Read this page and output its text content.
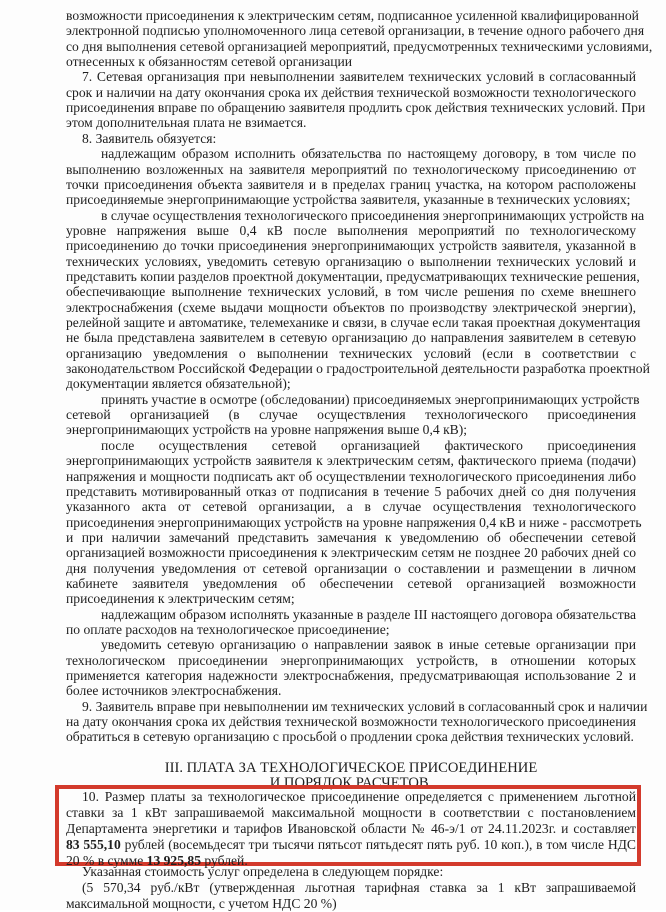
возможности присоединения к электрическим сетям, подписанное усиленной квалифицированной
электронной подписью уполномоченного лица сетевой организации, в течение одного рабочего дня
со дня выполнения сетевой организацией мероприятий, предусмотренных техническими условиями,
отнесенных к обязанностям сетевой организации
7. Сетевая организация при невыполнении заявителем технических условий в согласованный
срок и наличии на дату окончания срока их действия технической возможности технологического
присоединения вправе по обращению заявителя продлить срок действия технических условий. При
этом дополнительная плата не взимается.
8. Заявитель обязуется:
надлежащим образом исполнить обязательства по настоящему договору, в том числе по
выполнению возложенных на заявителя мероприятий по технологическому присоединению от
точки присоединения объекта заявителя и в пределах границ участка, на котором расположены
присоединяемые энергопринимающие устройства заявителя, указанные в технических условиях;
в случае осуществления технологического присоединения энергопринимающих устройств на
уровне напряжения выше 0,4 кВ после выполнения мероприятий по технологическому
присоединению до точки присоединения энергопринимающих устройств заявителя, указанной в
технических условиях, уведомить сетевую организацию о выполнении технических условий и
представить копии разделов проектной документации, предусматривающих технические решения,
обеспечивающие выполнение технических условий, в том числе решения по схеме внешнего
электроснабжения (схеме выдачи мощности объектов по производству электрической энергии),
релейной защите и автоматике, телемеханике и связи, в случае если такая проектная документация
не была представлена заявителем в сетевую организацию до направления заявителем в сетевую
организацию уведомления о выполнении технических условий (если в соответствии с
законодательством Российской Федерации о градостроительной деятельности разработка проектной
документации является обязательной);
принять участие в осмотре (обследовании) присоединяемых энергопринимающих устройств
сетевой организацией (в случае осуществления технологического присоединения
энергопринимающих устройств на уровне напряжения выше 0,4 кВ);
после осуществления сетевой организацией фактического присоединения
энергопринимающих устройств заявителя к электрическим сетям, фактического приема (подачи)
напряжения и мощности подписать акт об осуществлении технологического присоединения либо
представить мотивированный отказ от подписания в течение 5 рабочих дней со дня получения
указанного акта от сетевой организации, а в случае осуществления технологического
присоединения энергопринимающих устройств на уровне напряжения 0,4 кВ и ниже - рассмотреть
и при наличии замечаний представить замечания к уведомлению об обеспечении сетевой
организацией возможности присоединения к электрическим сетям не позднее 20 рабочих дней со
дня получения уведомления от сетевой организации о составлении и размещении в личном
кабинете заявителя уведомления об обеспечении сетевой организацией возможности
присоединения к электрическим сетям;
надлежащим образом исполнять указанные в разделе III настоящего договора обязательства
по оплате расходов на технологическое присоединение;
уведомить сетевую организацию о направлении заявок в иные сетевые организации при
технологическом присоединении энергопринимающих устройств, в отношении которых
применяется категория надежности электроснабжения, предусматривающая использование 2 и
более источников электроснабжения.
9. Заявитель вправе при невыполнении им технических условий в согласованный срок и наличии
на дату окончания срока их действия технической возможности технологического присоединения
обратиться в сетевую организацию с просьбой о продлении срока действия технических условий.
III. ПЛАТА ЗА ТЕХНОЛОГИЧЕСКОЕ ПРИСОЕДИНЕНИЕ
И ПОРЯДОК РАСЧЕТОВ.
10. Размер платы за технологическое присоединение определяется с применением льготной
ставки за 1 кВт запрашиваемой максимальной мощности в соответствии с постановлением
Департамента энергетики и тарифов Ивановской области № 46-э/1 от 24.11.2023г. и составляет
83 555,10 рублей (восемьдесят три тысячи пятьсот пятьдесят пять руб. 10 коп.), в том числе НДС
20 % в сумме 13 925,85 рублей.
Указанная стоимость услуг определена в следующем порядке:
(5 570,34 руб./кВт (утвержденная льготная тарифная ставка за 1 кВт запрашиваемой
максимальной мощности, с учетом НДС 20 %)
